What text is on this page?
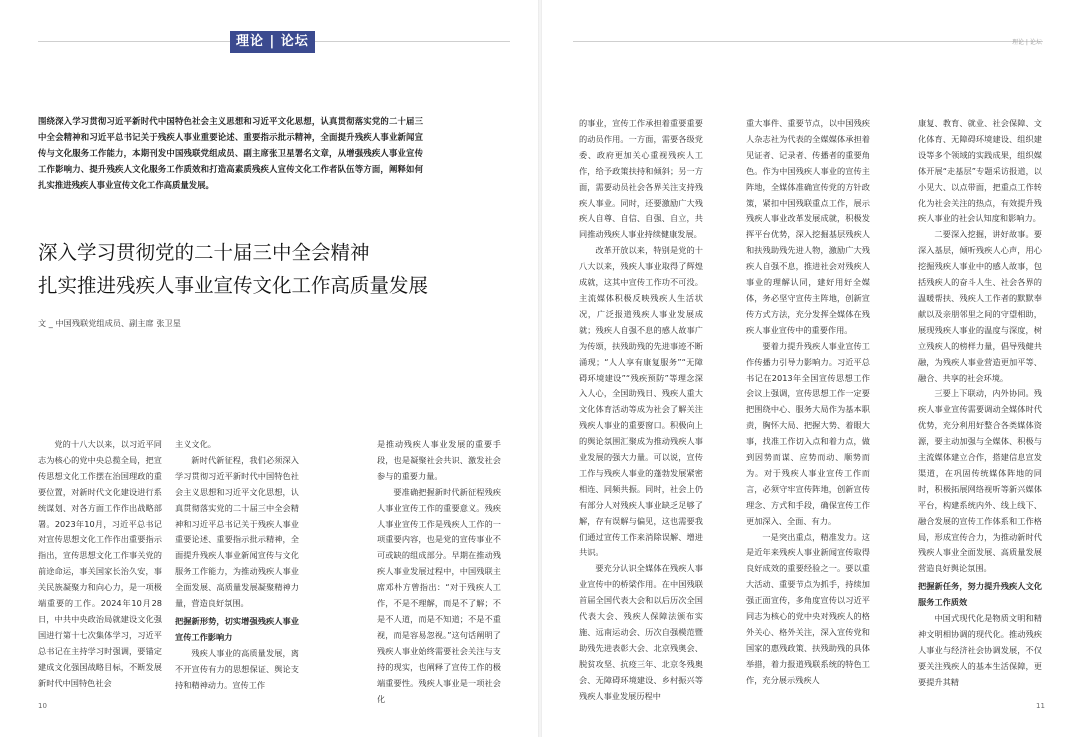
理论 | 论坛	理论 | 论坛
围绕深入学习贯彻习近平新时代中国特色社会主义思想和习近平文化思想，认真贯彻落实党的二十届三中全会精神和习近平总书记关于残疾人事业重要论述、重要指示批示精神，全面提升残疾人事业新闻宣传与文化服务工作能力，本期刊发中国残联党组成员、副主席张卫星署名文章，从增强残疾人事业宣传工作影响力、提升残疾人文化服务工作质效和打造高素质残疾人宣传文化工作者队伍等方面，阐释如何扎实推进残疾人事业宣传文化工作高质量发展。
深入学习贯彻党的二十届三中全会精神
扎实推进残疾人事业宣传文化工作高质量发展
文 _ 中国残联党组成员、副主席 张卫星

党的十八大以来，以习近平同志为核心的党中央总揽全局，把宣传思想文化工作摆在治国理政的重要位置，对新时代文化建设进行系统谋划、对各方面工作作出战略部署。2023年10月，习近平总书记对宣传思想文化工作作出重要指示指出，宣传思想文化工作事关党的前途命运，事关国家长治久安，事关民族凝聚力和向心力，是一项极端重要的工作。2024年10月28日，中共中央政治局就建设文化强国进行第十七次集体学习，习近平总书记在主持学习时强调，要锚定建成文化强国战略目标，不断发展新时代中国特色社会

主义文化。

新时代新征程，我们必须深入学习贯彻习近平新时代中国特色社会主义思想和习近平文化思想，认真贯彻落实党的二十届三中全会精神和习近平总书记关于残疾人事业重要论述、重要指示批示精神，全面提升残疾人事业新闻宣传与文化服务工作能力，为推动残疾人事业全面发展、高质量发展凝聚精神力量，营造良好氛围。

把握新形势，切实增强残疾人事业宣传工作影响力

残疾人事业的高质量发展，离不开宣传有力的思想保证、舆论支持和精神动力。宣传工作

是推动残疾人事业发展的重要手段，也是凝聚社会共识、激发社会参与的重要力量。

要准确把握新时代新征程残疾人事业宣传工作的重要意义。残疾人事业宣传工作是残疾人工作的一项重要内容，也是党的宣传事业不可或缺的组成部分。早期在推动残疾人事业发展过程中，中国残联主席邓朴方曾指出：“对于残疾人工作，不是不理解，而是不了解；不是不人道，而是不知道；不是不重视，而是容易忽视。”这句话阐明了残疾人事业始终需要社会关注与支持的现实，也阐释了宣传工作的极端重要性。残疾人事业是一项社会化

的事业，宣传工作承担着重要重要的动员作用。一方面，需要各级党委、政府更加关心重视残疾人工作，给予政策扶持和倾斜；另一方面，需要动员社会各界关注支持残疾人事业。同时，还要激励广大残疾人自尊、自信、自强、自立，共同推动残疾人事业持续健康发展。

改革开放以来，特别是党的十八大以来，残疾人事业取得了辉煌成就，这其中宣传工作功不可没。主流媒体积极反映残疾人生活状况，广泛报道残疾人事业发展成就；残疾人自强不息的感人故事广为传颂，扶残助残的先进事迹不断涌现；“人人享有康复服务”“无障碍环境建设”“残疾预防”等理念深入人心，全国助残日、残疾人重大文化体育活动等成为社会了解关注残疾人事业的重要窗口。积极向上的舆论氛围汇聚成为推动残疾人事业发展的强大力量。可以说，宣传工作与残疾人事业的蓬勃发展紧密相连、同频共振。同时，社会上仍有部分人对残疾人事业缺乏足够了解，存有误解与偏见，这也需要我们通过宣传工作来消除误解、增进共识。

要充分认识全媒体在残疾人事业宣传中的桥梁作用。在中国残联首届全国代表大会和以后历次全国代表大会、残疾人保障法颁布实施、远南运动会、历次自强模范暨助残先进表彰大会、北京残奥会、脱贫攻坚、抗疫三年、北京冬残奥会、无障碍环境建设、乡村振兴等残疾人事业发展历程中

重大事件、重要节点，以中国残疾人杂志社为代表的全媒媒体承担着见证者、记录者、传播者的重要角色。作为中国残疾人事业的宣传主阵地，全媒体准确宣传党的方针政策，紧扣中国残联重点工作，展示残疾人事业改革发展成就，积极发挥平台优势，深入挖掘基层残疾人和扶残助残先进人物，激励广大残疾人自强不息，推进社会对残疾人事业的理解认同，建好用好全媒体，务必坚守宣传主阵地，创新宣传方式方法，充分发挥全媒体在残疾人事业宣传中的重要作用。

要着力提升残疾人事业宣传工作传播力引导力影响力。习近平总书记在2013年全国宣传思想工作会议上强调，宣传思想工作一定要把围绕中心、服务大局作为基本职责，胸怀大局、把握大势、着眼大事，找准工作切入点和着力点，做到因势而谋、应势而动、顺势而为。对于残疾人事业宣传工作而言，必须守牢宣传阵地，创新宣传理念、方式和手段，确保宣传工作更加深入、全面、有力。

一是突出重点，精准发力。这是近年来残疾人事业新闻宣传取得良好成效的重要经验之一。要以重大活动、重要节点为抓手，持续加强正面宣传，多角度宣传以习近平同志为核心的党中央对残疾人的格外关心、格外关注，深入宣传党和国家的惠残政策、扶残助残的具体举措，着力报道残联系统的特色工作，充分展示残疾人

康复、教育、就业、社会保障、文化体育、无障碍环境建设、组织建设等多个领域的实践成果，组织媒体开展“走基层”专题采访报道，以小见大、以点带面，把重点工作转化为社会关注的热点，有效提升残疾人事业的社会认知度和影响力。

二要深入挖掘，讲好故事。要深入基层，倾听残疾人心声，用心挖掘残疾人事业中的感人故事，包括残疾人的奋斗人生、社会各界的温暖帮扶、残疾人工作者的默默奉献以及亲朋邻里之间的守望相助，展现残疾人事业的温度与深度，树立残疾人的榜样力量，倡导残健共融，为残疾人事业营造更加平等、融合、共享的社会环境。

三要上下联动，内外协同。残疾人事业宣传需要调动全媒体时代优势，充分利用好整合各类媒体资源，要主动加强与全媒体、积极与主流媒体建立合作，搭建信息宣发渠道，在巩固传统媒体阵地的同时，积极拓展网络视听等新兴媒体平台，构建系统内外、线上线下、融合发展的宣传工作体系和工作格局，形成宣传合力，为推动新时代残疾人事业全面发展、高质量发展营造良好舆论氛围。

把握新任务，努力提升残疾人文化服务工作质效

中国式现代化是物质文明和精神文明相协调的现代化。推动残疾人事业与经济社会协调发展，不仅要关注残疾人的基本生活保障，更要提升其精

10	11
